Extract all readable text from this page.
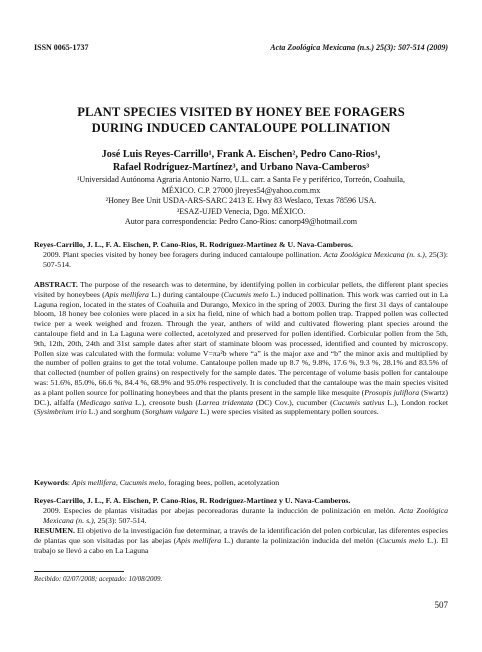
ISSN 0065-1737	Acta Zoológica Mexicana (n.s.) 25(3): 507-514 (2009)
PLANT SPECIES VISITED BY HONEY BEE FORAGERS
DURING INDUCED CANTALOUPE POLLINATION
José Luis Reyes-Carrillo¹, Frank A. Eischen², Pedro Cano-Rios¹,
Rafael Rodríguez-Martínez³, and Urbano Nava-Camberos³
¹Universidad Autónoma Agraria Antonio Narro, U.L. carr. a Santa Fe y periférico, Torreón, Coahuila,
MÉXICO. C.P. 27000 jlreyes54@yahoo.com.mx
²Honey Bee Unit USDA-ARS-SARC 2413 E. Hwy 83 Weslaco, Texas 78596 USA.
³ESAZ-UJED Venecia, Dgo. MÉXICO.
Autor para correspondencia: Pedro Cano-Rios: canorp49@hotmail.com
Reyes-Carrillo, J. L., F. A. Eischen, P. Cano-Rios, R. Rodríguez-Martínez & U. Nava-Camberos.
2009. Plant species visited by honey bee foragers during induced cantaloupe pollination. Acta Zoológica Mexicana (n. s.), 25(3): 507-514.
ABSTRACT. The purpose of the research was to determine, by identifying pollen in corbicular pellets, the different plant species visited by honeybees (Apis mellifera L.) during cantaloupe (Cucumis melo L.) induced pollination. This work was carried out in La Laguna region, located in the states of Coahuila and Durango, Mexico in the spring of 2003. During the first 31 days of cantaloupe bloom, 18 honey bee colonies were placed in a six ha field, nine of which had a bottom pollen trap. Trapped pollen was collected twice per a week weighed and frozen. Through the year, anthers of wild and cultivated flowering plant species around the cantaloupe field and in La Laguna were collected, acetolyzed and preserved for pollen identified. Corbicular pollen from the 5th, 9th, 12th, 20th, 24th and 31st sample dates after start of staminate bloom was processed, identified and counted by microscopy. Pollen size was calculated with the formula: volume V=πa²b where “a” is the major axe and “b” the minor axis and multiplied by the number of pollen grains to get the total volume. Cantaloupe pollen made up 8.7 %, 9.8%, 17.6 %, 9.3 %, 28.1% and 83.5% of that collected (number of pollen grains) on respectively for the sample dates. The percentage of volume basis pollen for cantaloupe was: 51.6%, 85.0%, 66.6 %, 84.4 %, 68.9% and 95.0% respectively. It is concluded that the cantaloupe was the main species visited as a plant pollen source for pollinating honeybees and that the plants present in the sample like mesquite (Prosopis juliflora (Swartz) DC.), alfalfa (Medicago sativa L.), creosote bush (Larrea tridentata (DC) Cov.), cucumber (Cucumis sativus L.), London rocket (Sysimbrium irio L.) and sorghum (Sorghum vulgare L.) were species visited as supplementary pollen sources.
Keywords: Apis mellifera, Cucumis melo, foraging bees, pollen, acetolyzation
Reyes-Carrillo, J. L., F. A. Eischen, P. Cano-Rios, R. Rodríguez-Martínez y U. Nava-Camberos.
2009. Especies de plantas visitadas por abejas pecoreadoras durante la inducción de polinización en melón. Acta Zoológica Mexicana (n. s.), 25(3): 507-514.
RESUMEN. El objetivo de la investigación fue determinar, a través de la identificación del polen corbicular, las diferentes especies de plantas que son visitadas por las abejas (Apis mellifera L.) durante la polinización inducida del melón (Cucumis melo L.). El trabajo se llevó a cabo en La Laguna
Recibido: 02/07/2008; aceptado: 10/08/2009.
507
